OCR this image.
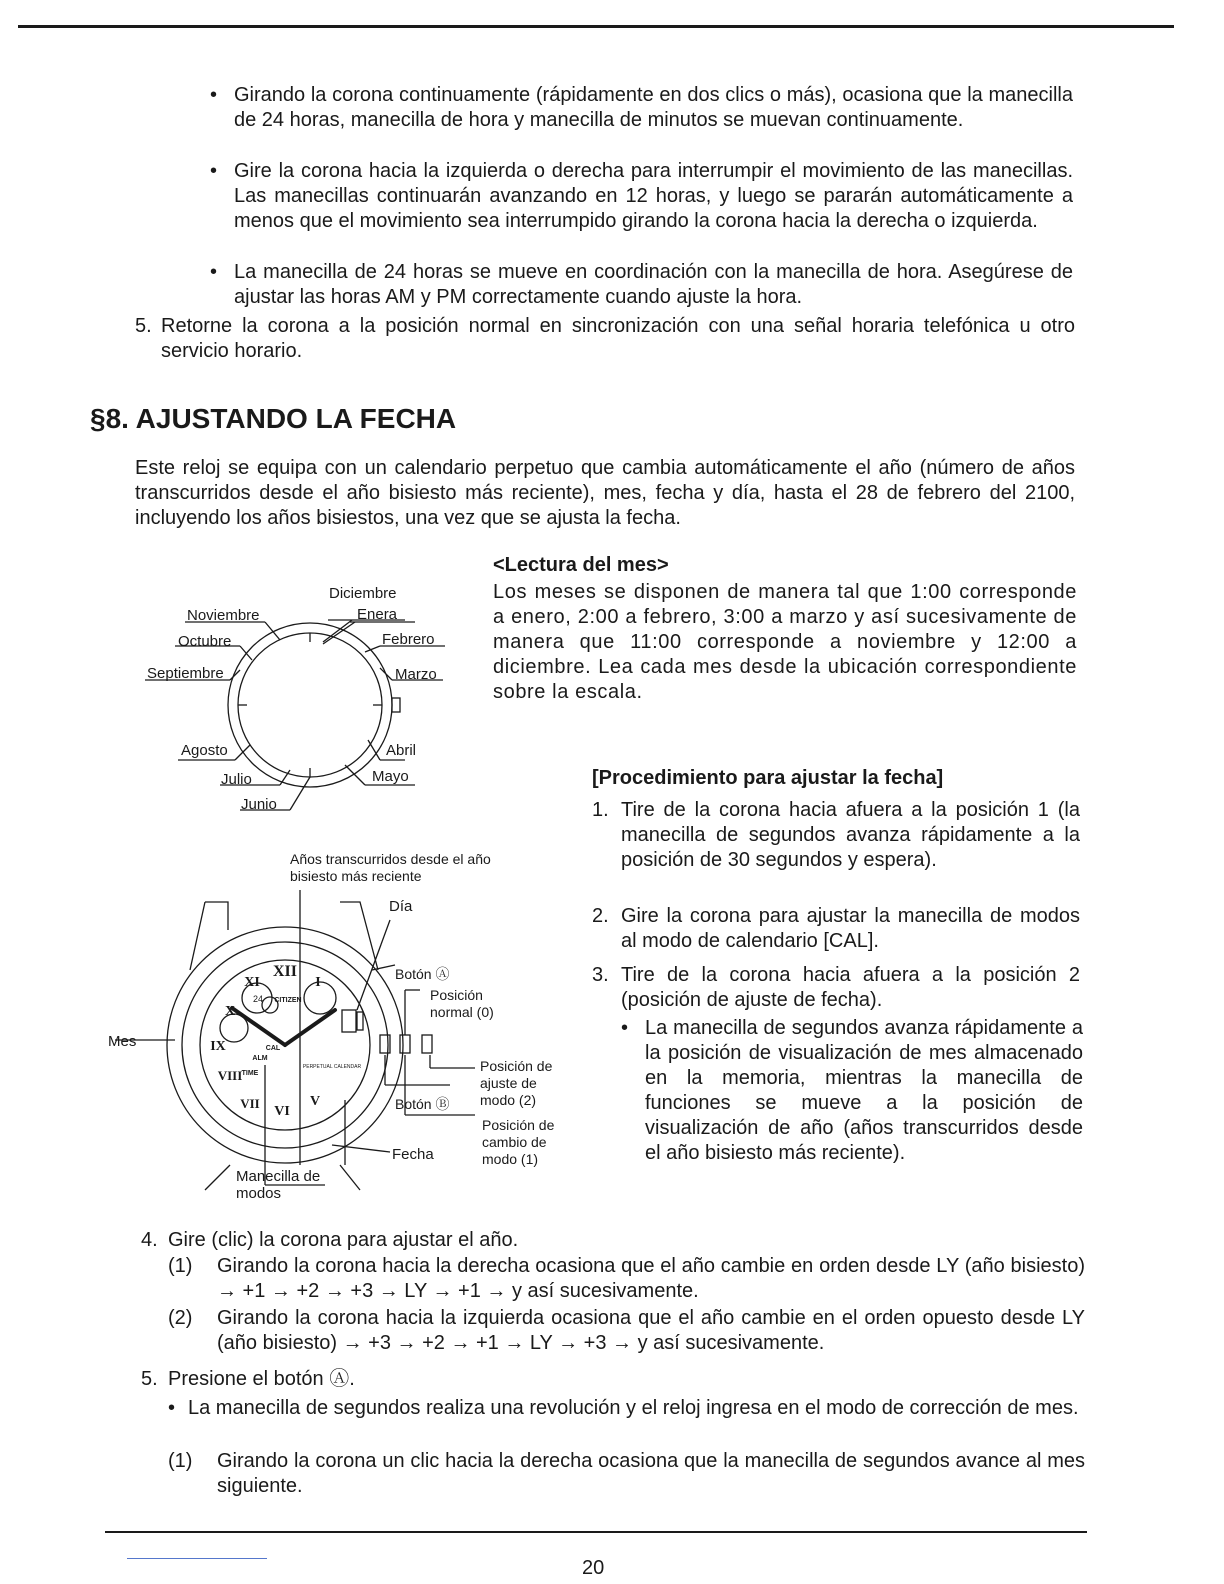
• Girando la corona continuamente (rápidamente en dos clics o más), ocasiona que la manecilla de 24 horas, manecilla de hora y manecilla de minutos se muevan continuamente.

• Gire la corona hacia la izquierda o derecha para interrumpir el movimiento de las manecillas. Las manecillas continuarán avanzando en 12 horas, y luego se pararán automáticamente a menos que el movimiento sea interrumpido girando la corona hacia la derecha o izquierda.

• La manecilla de 24 horas se mueve en coordinación con la manecilla de hora. Asegúrese de ajustar las horas AM y PM correctamente cuando ajuste la hora.

5. Retorne la corona a la posición normal en sincronización con una señal horaria telefónica u otro servicio horario.

§8. AJUSTANDO LA FECHA

Este reloj se equipa con un calendario perpetuo que cambia automáticamente el año (número de años transcurridos desde el año bisiesto más reciente), mes, fecha y día, hasta el 28 de febrero del 2100, incluyendo los años bisiestos, una vez que se ajusta la fecha.

<Lectura del mes>

Los meses se disponen de manera tal que 1:00 corresponde a enero, 2:00 a febrero, 3:00 a marzo y así sucesivamente de manera que 11:00 corresponde a noviembre y 12:00 a diciembre. Lea cada mes desde la ubicación correspondiente sobre la escala.

Diciembre
Enera
Febrero
Marzo
Abril
Mayo
Junio
Julio
Agosto
Septiembre
Octubre
Noviembre
XII
I
XI
X
IX
VIII
VII
VI
V
CITIZEN
PERPETUAL CALENDAR
24
ALM
TIME
CAL
Años transcurridos desde el año bisiesto más reciente
Día
Botón Ⓐ
Posición normal (0)
Mes
Posición de ajuste de modo (2)
Botón Ⓑ
Posición de cambio de modo (1)
Fecha
Manecilla de modos
[Procedimiento para ajustar la fecha]
1. Tire de la corona hacia afuera a la posición 1 (la manecilla de segundos avanza rápidamente a la posición de 30 segundos y espera).

2. Gire la corona para ajustar la manecilla de modos al modo de calendario [CAL].

3. Tire de la corona hacia afuera a la posición 2 (posición de ajuste de fecha).

• La manecilla de segundos avanza rápidamente a la posición de visualización de mes almacenado en la memoria, mientras la manecilla de funciones se mueve a la posición de visualización de año (años transcurridos desde el año bisiesto más reciente).

4. Gire (clic) la corona para ajustar el año.

(1) Girando la corona hacia la derecha ocasiona que el año cambie en orden desde LY (año bisiesto) → +1 → +2 → +3 → LY → +1 → y así sucesivamente.

(2) Girando la corona hacia la izquierda ocasiona que el año cambie en el orden opuesto desde LY (año bisiesto) → +3 → +2 → +1 → LY → +3 → y así sucesivamente.

5. Presione el botón Ⓐ.

• La manecilla de segundos realiza una revolución y el reloj ingresa en el modo de corrección de mes.

(1) Girando la corona un clic hacia la derecha ocasiona que la manecilla de segundos avance al mes siguiente.

20
